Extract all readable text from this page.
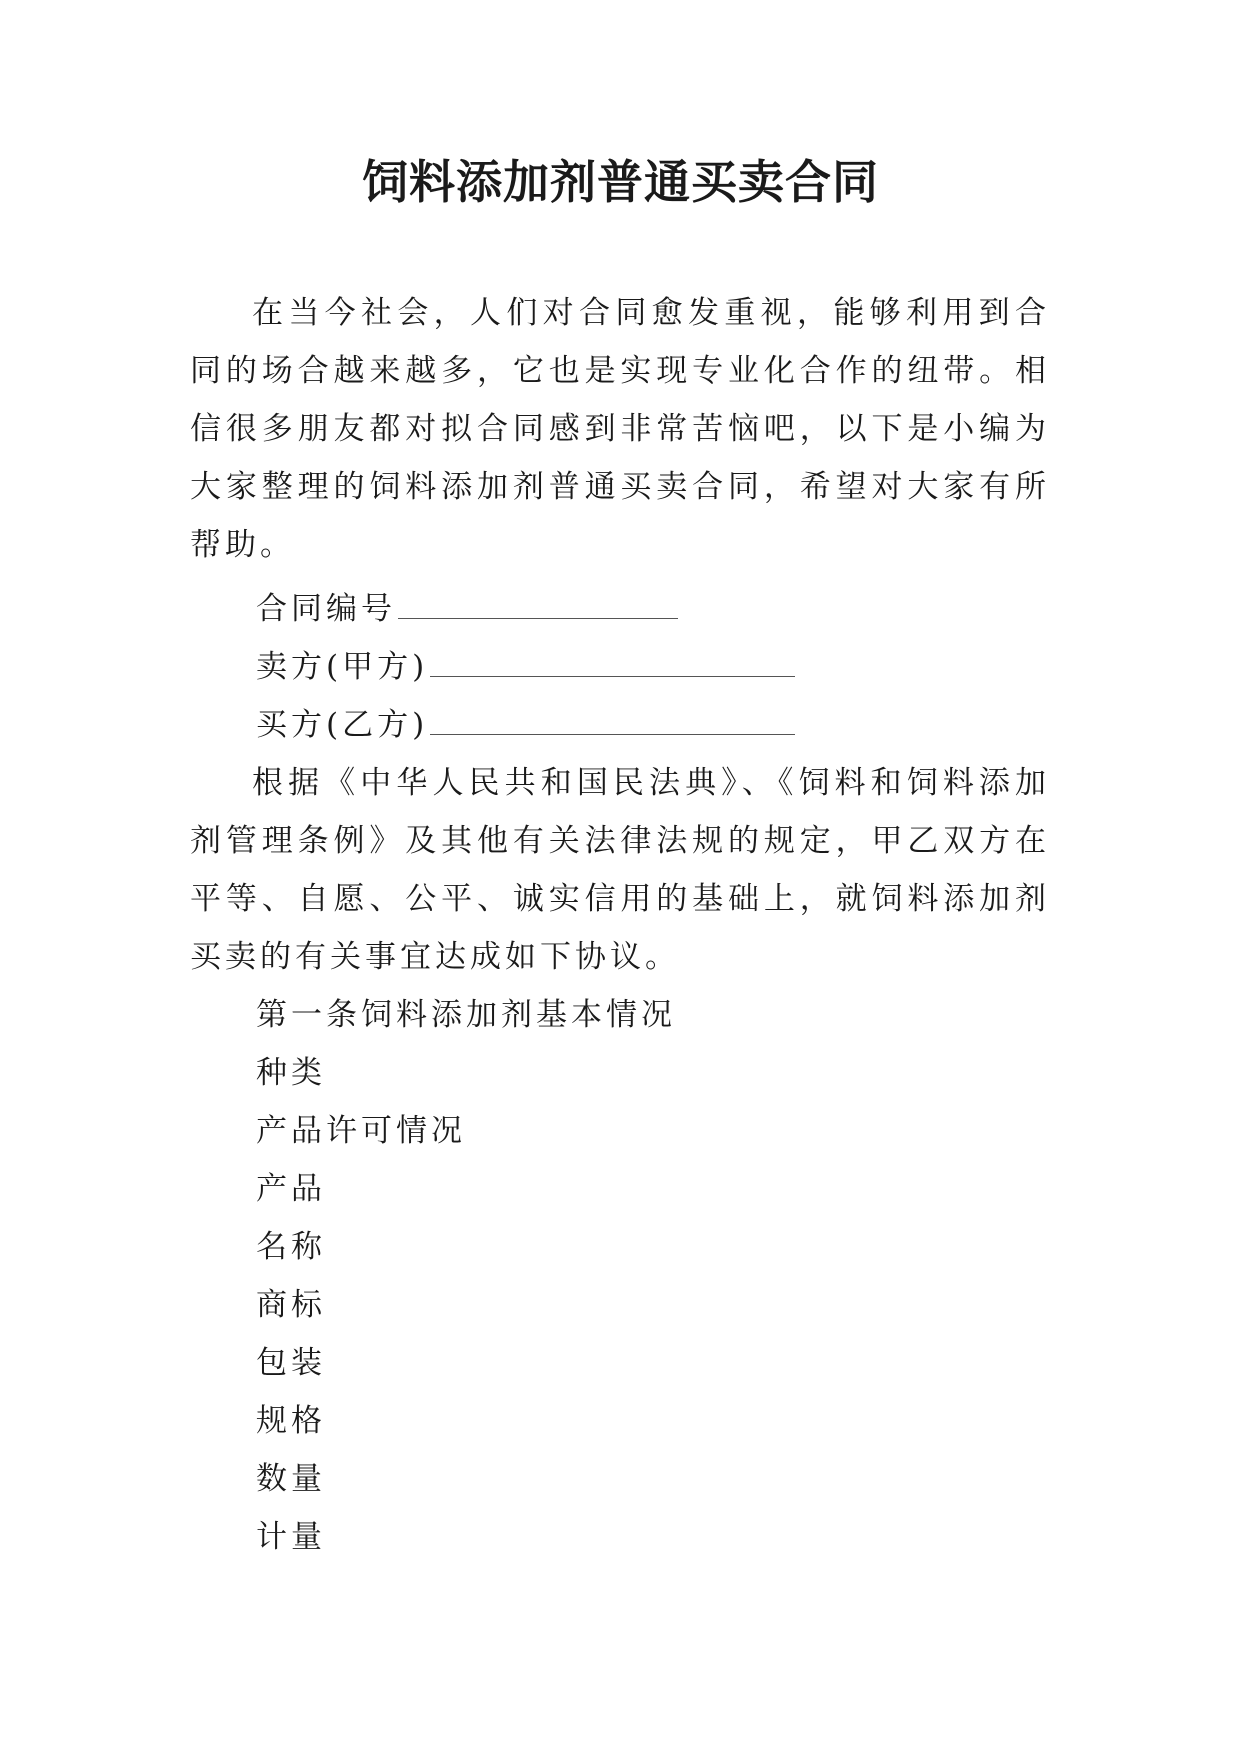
饲料添加剂普通买卖合同

在当今社会，人们对合同愈发重视，能够利用到合同的场合越来越多，它也是实现专业化合作的纽带。相信很多朋友都对拟合同感到非常苦恼吧，以下是小编为大家整理的饲料添加剂普通买卖合同，希望对大家有所帮助。

合同编号

卖方(甲方)

买方(乙方)

根据《中华人民共和国民法典》、《饲料和饲料添加剂管理条例》及其他有关法律法规的规定，甲乙双方在平等、自愿、公平、诚实信用的基础上，就饲料添加剂买卖的有关事宜达成如下协议。

第一条饲料添加剂基本情况

种类

产品许可情况

产品

名称

商标

包装

规格

数量

计量
